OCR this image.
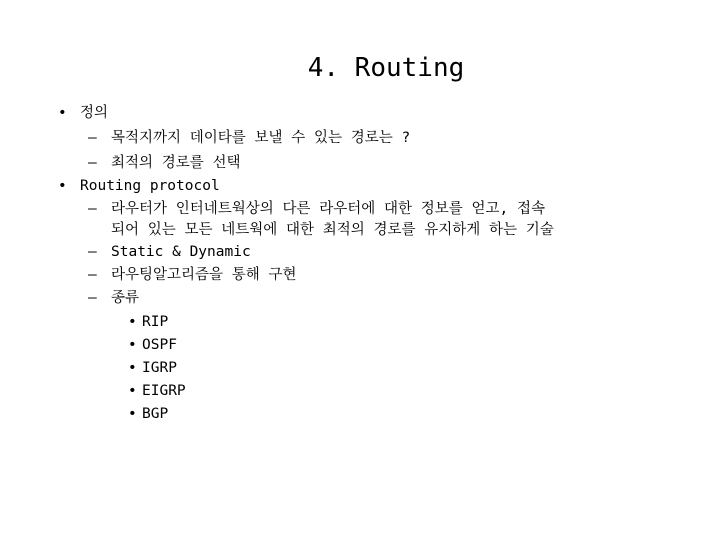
4. Routing
• 정의
– 목적지까지 데이타를 보낼 수 있는 경로는 ?
– 최적의 경로를 선택
• Routing protocol
– 라우터가 인터네트웍상의 다른 라우터에 대한 정보를 얻고, 접속
되어 있는 모든 네트웍에 대한 최적의 경로를 유지하게 하는 기술
– Static & Dynamic
– 라우팅알고리즘을 통해 구현
– 종류
• RIP
• OSPF
• IGRP
• EIGRP
• BGP
